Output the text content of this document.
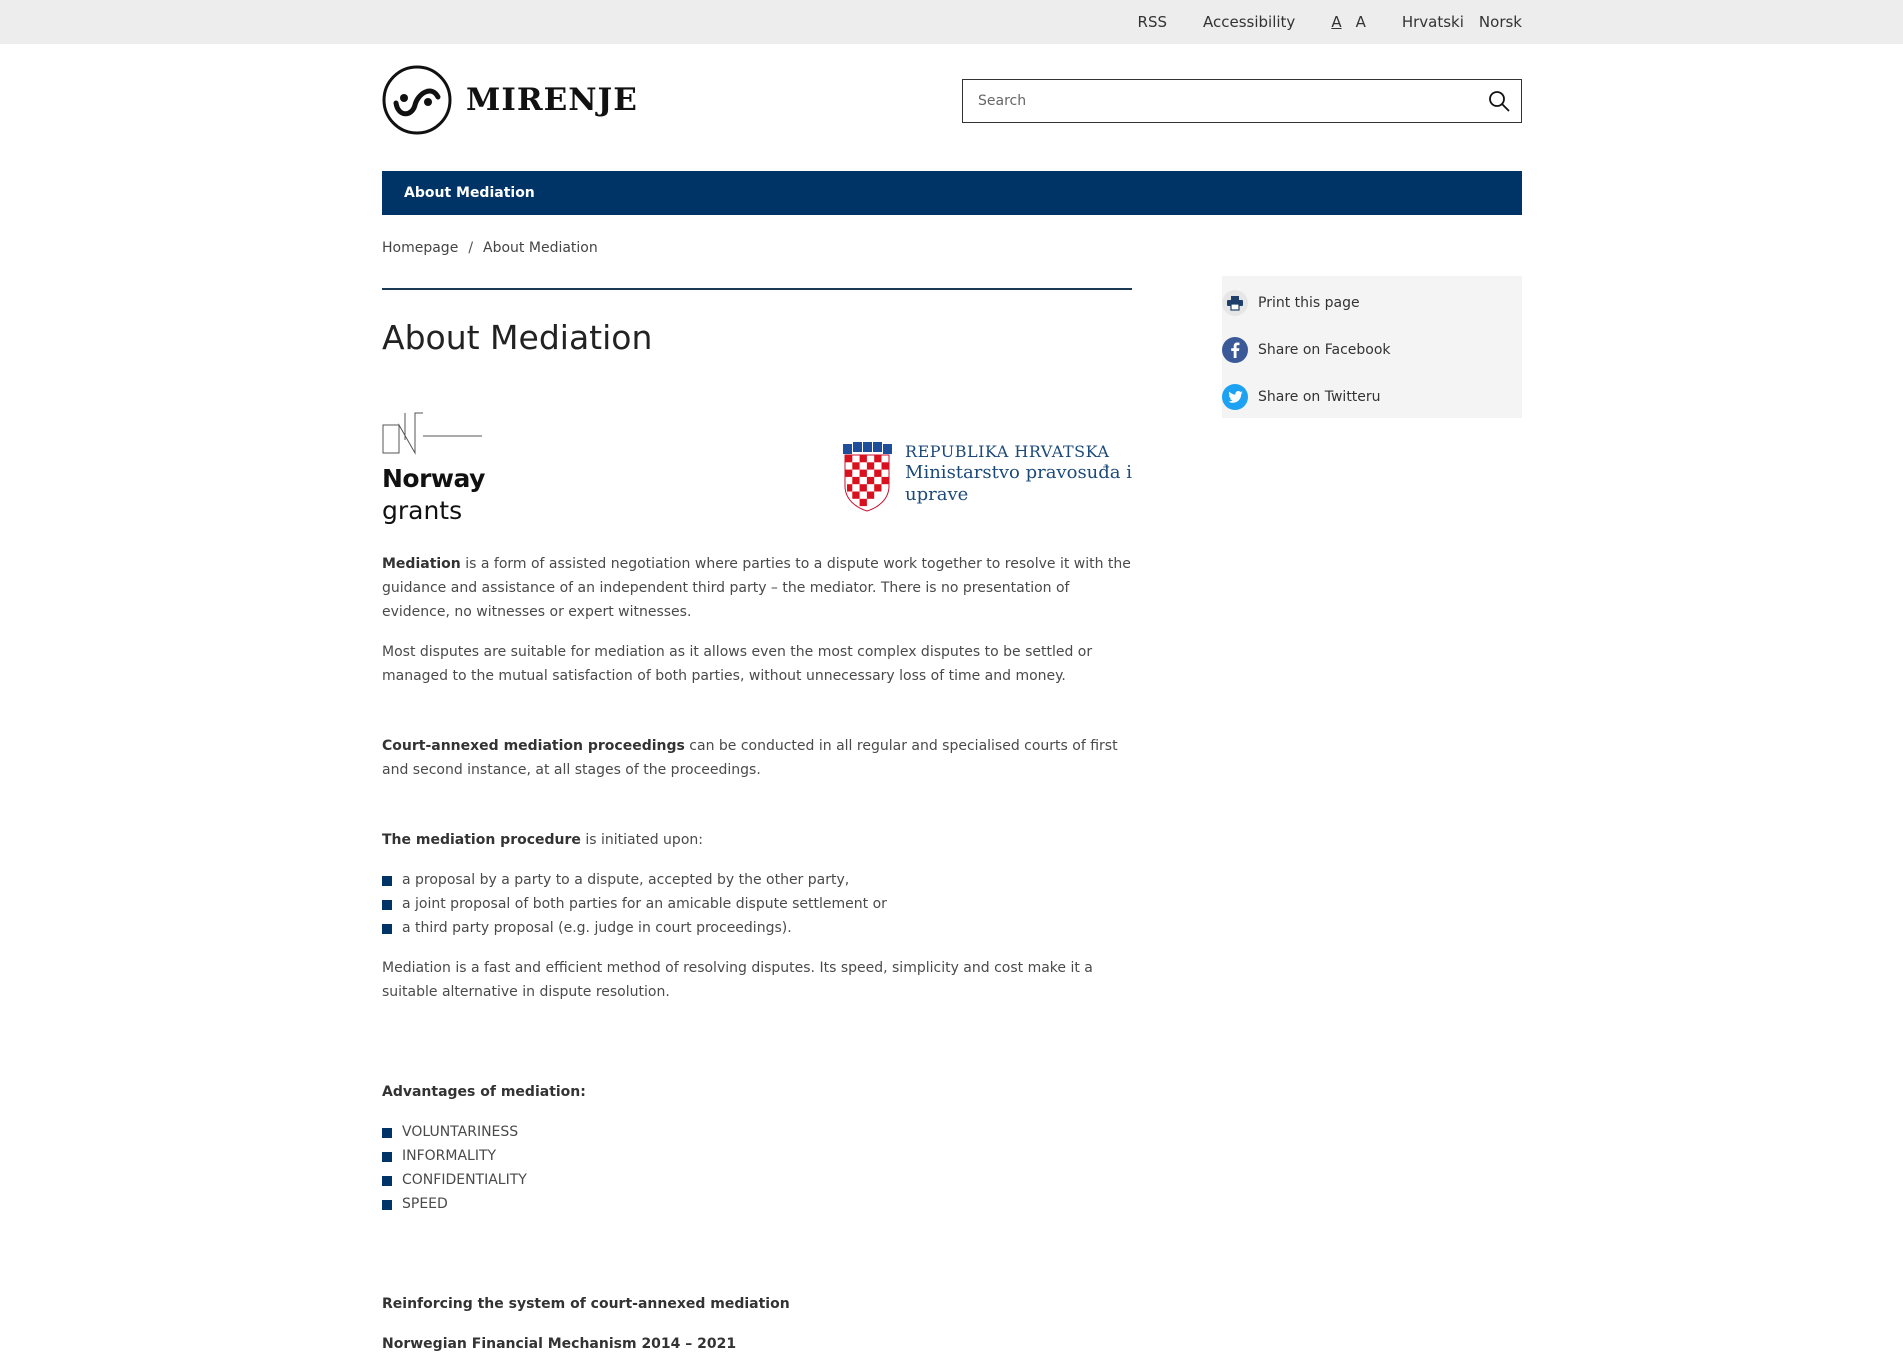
RSS Accessibility A A Hrvatski Norsk
MIRENJE
Search
About Mediation
Homepage / About Mediation
About Mediation
Norway
grants
REPUBLIKA HRVATSKA
Ministarstvo pravosuđa i
uprave

Mediation is a form of assisted negotiation where parties to a dispute work together to resolve it with the guidance and assistance of an independent third party – the mediator. There is no presentation of evidence, no witnesses or expert witnesses.

Most disputes are suitable for mediation as it allows even the most complex disputes to be settled or managed to the mutual satisfaction of both parties, without unnecessary loss of time and money.

Court-annexed mediation proceedings can be conducted in all regular and specialised courts of first and second instance, at all stages of the proceedings.

The mediation procedure is initiated upon:

a proposal by a party to a dispute, accepted by the other party,
a joint proposal of both parties for an amicable dispute settlement or
a third party proposal (e.g. judge in court proceedings).

Mediation is a fast and efficient method of resolving disputes. Its speed, simplicity and cost make it a suitable alternative in dispute resolution.

Advantages of mediation:

VOLUNTARINESS
INFORMALITY
CONFIDENTIALITY
SPEED

Reinforcing the system of court-annexed mediation

Norwegian Financial Mechanism 2014 – 2021

Print this page
Share on Facebook
Share on Twitteru
